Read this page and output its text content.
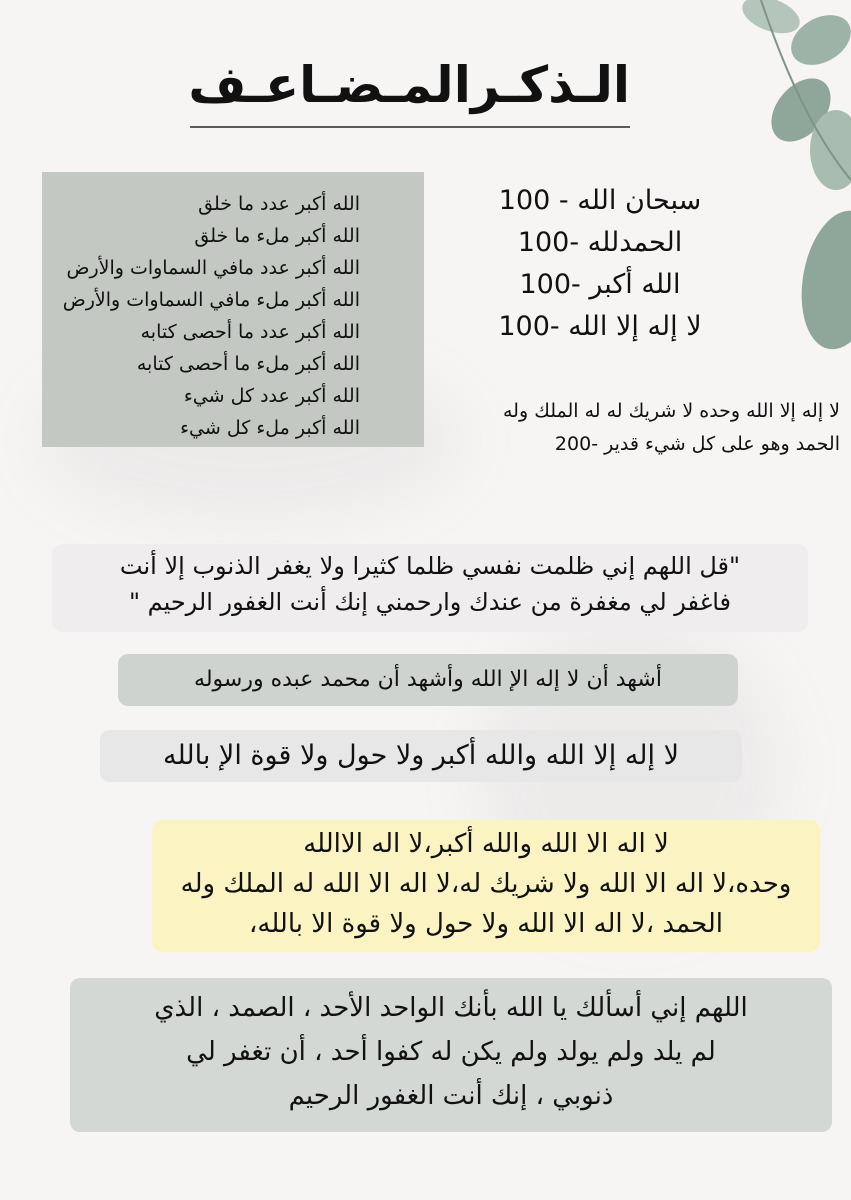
الـذكـرالمـضـاعـف
الله أكبر عدد ما خلق
الله أكبر ملء ما خلق
الله أكبر عدد مافي السماوات والأرض
الله أكبر ملء مافي السماوات والأرض
الله أكبر عدد ما أحصى كتابه
الله أكبر ملء ما أحصى كتابه
الله أكبر عدد كل شيء
الله أكبر ملء كل شيء
سبحان الله - 100
الحمدلله -100
الله أكبر -100
لا إله إلا الله -100
لا إله إلا الله وحده لا شريك له له الملك وله
الحمد وهو على كل شيء قدير -200
"قل اللهم إني ظلمت نفسي ظلما كثيرا ولا يغفر الذنوب إلا أنت
فاغفر لي مغفرة من عندك وارحمني إنك أنت الغفور الرحيم "
أشهد أن لا إله الإ الله وأشهد أن محمد عبده ورسوله
لا إله إلا الله والله أكبر ولا حول ولا قوة الإ بالله
لا اله الا الله والله أكبر،لا اله الاالله
وحده،لا اله الا الله ولا شريك له،لا اله الا الله له الملك وله
الحمد ،لا اله الا الله ولا حول ولا قوة الا بالله،
اللهم إني أسألك يا الله بأنك الواحد الأحد ، الصمد ، الذي
لم يلد ولم يولد ولم يكن له كفوا أحد ، أن تغفر لي
ذنوبي ، إنك أنت الغفور الرحيم
